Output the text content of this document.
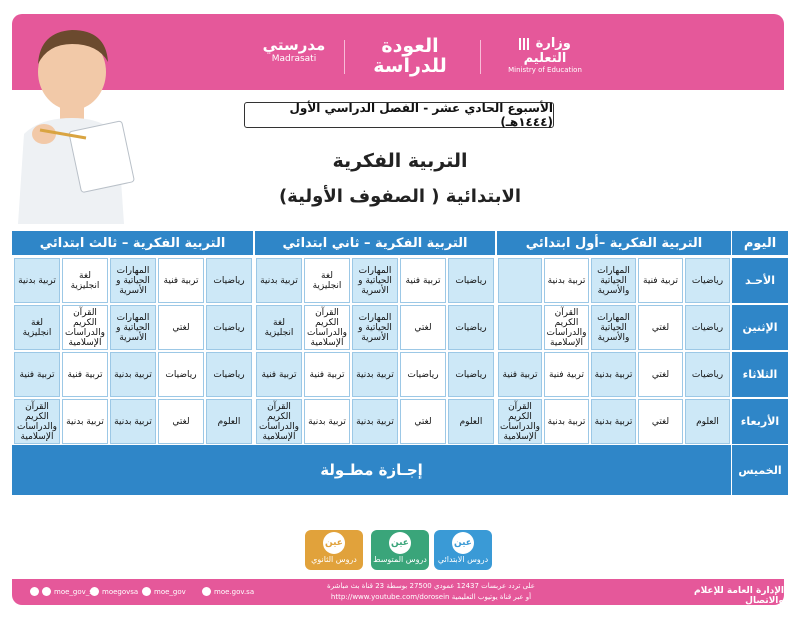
وزارة التعليم
Ministry of Education
العودة
للدراسة
مدرستي
Madrasati
الأسبوع الحادي عشر - الفصل الدراسي الأول (١٤٤٤هـ)
التربية الفكرية
الابتدائية ( الصفوف الأولية)
اليوم
التربية الفكرية –أول ابتدائي
التربية الفكرية – ثاني ابتدائي
التربية الفكرية – ثالث ابتدائي
الأحـد
الإثنين
الثلاثاء
الأربعاء
الخميس
رياضيات
تربية فنية
المهارات الحياتية والأسرية
تربية بدنية
رياضيات
لغتي
المهارات الحياتية والأسرية
القرآن الكريم والدراسات الإسلامية
رياضيات
لغتي
تربية بدنية
تربية فنية
تربية فنية
العلوم
لغتي
تربية بدنية
تربية بدنية
القرآن الكريم والدراسات الإسلامية
رياضيات
تربية فنية
المهارات الحياتية و الأسرية
لغة انجليزية
تربية بدنية
رياضيات
لغتي
المهارات الحياتية و الأسرية
القرآن الكريم والدراسات الإسلامية
لغة انجليزية
رياضيات
رياضيات
تربية بدنية
تربية فنية
تربية فنية
العلوم
لغتي
تربية بدنية
تربية بدنية
القرآن الكريم والدراسات الإسلامية
رياضيات
تربية فنية
المهارات الحياتية و الأسرية
لغة انجليزية
تربية بدنية
رياضيات
لغتي
المهارات الحياتية و الأسرية
القرآن الكريم والدراسات الإسلامية
لغة انجليزية
رياضيات
رياضيات
تربية بدنية
تربية فنية
تربية فنية
العلوم
لغتي
تربية بدنية
تربية بدنية
القرآن الكريم والدراسات الإسلامية
إجـازة مطـولة
عين
دروس الابتدائي
عين
دروس المتوسط
عين
دروس الثانوي
الإدارة العامة للإعلام والاتصال
على تردد عربسات 12437 عمودي 27500 بوسطة 23 قناة بث مباشرة
أو عبر قناة يوتيوب التعليمية http://www.youtube.com/dorosein
moe.gov.sa
moe_gov
moegovsa
moe_gov_sa
